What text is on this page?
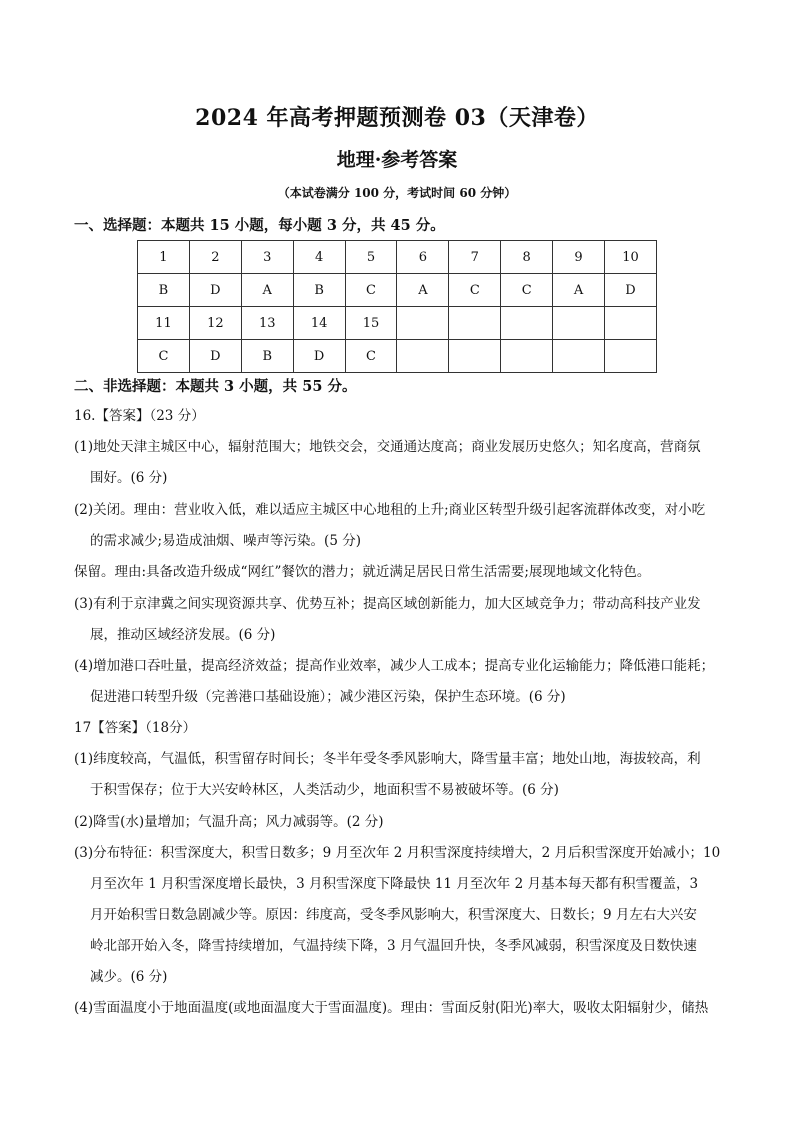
2024 年高考押题预测卷 03（天津卷）
地理·参考答案
（本试卷满分 100 分，考试时间 60 分钟）
一、选择题：本题共 15 小题，每小题 3 分，共 45 分。
1	2	3	4	5	6	7	8	9	10
B	D	A	B	C	A	C	C	A	D
11	12	13	14	15					
C	D	B	D	C					
二、非选择题：本题共 3 小题，共 55 分。
16.【答案】（23 分）
(1)地处天津主城区中心，辐射范围大；地铁交会，交通通达度高；商业发展历史悠久；知名度高，营商氛
围好。(6 分)
(2)关闭。理由：营业收入低，难以适应主城区中心地租的上升;商业区转型升级引起客流群体改变，对小吃
的需求减少;易造成油烟、噪声等污染。(5 分)
保留。理由:具备改造升级成“网红”餐饮的潜力；就近满足居民日常生活需要;展现地域文化特色。
(3)有利于京津冀之间实现资源共享、优势互补；提高区域创新能力，加大区域竞争力；带动高科技产业发
展，推动区域经济发展。(6 分)
(4)增加港口吞吐量，提高经济效益；提高作业效率，减少人工成本；提高专业化运输能力；降低港口能耗；
促进港口转型升级（完善港口基础设施）；减少港区污染，保护生态环境。(6 分)
17【答案】（18分）
(1)纬度较高，气温低，积雪留存时间长；冬半年受冬季风影响大，降雪量丰富；地处山地，海拔较高，利
于积雪保存；位于大兴安岭林区，人类活动少，地面积雪不易被破坏等。(6 分)
(2)降雪(水)量增加；气温升高；风力减弱等。(2 分)
(3)分布特征：积雪深度大，积雪日数多；9 月至次年 2 月积雪深度持续增大，2 月后积雪深度开始减小；10
月至次年 1 月积雪深度增长最快，3 月积雪深度下降最快 11 月至次年 2 月基本每天都有积雪覆盖，3
月开始积雪日数急剧减少等。原因：纬度高，受冬季风影响大，积雪深度大、日数长；9 月左右大兴安
岭北部开始入冬，降雪持续增加，气温持续下降，3 月气温回升快，冬季风减弱，积雪深度及日数快速
减少。(6 分)
(4)雪面温度小于地面温度(或地面温度大于雪面温度)。理由：雪面反射(阳光)率大，吸收太阳辐射少，储热
